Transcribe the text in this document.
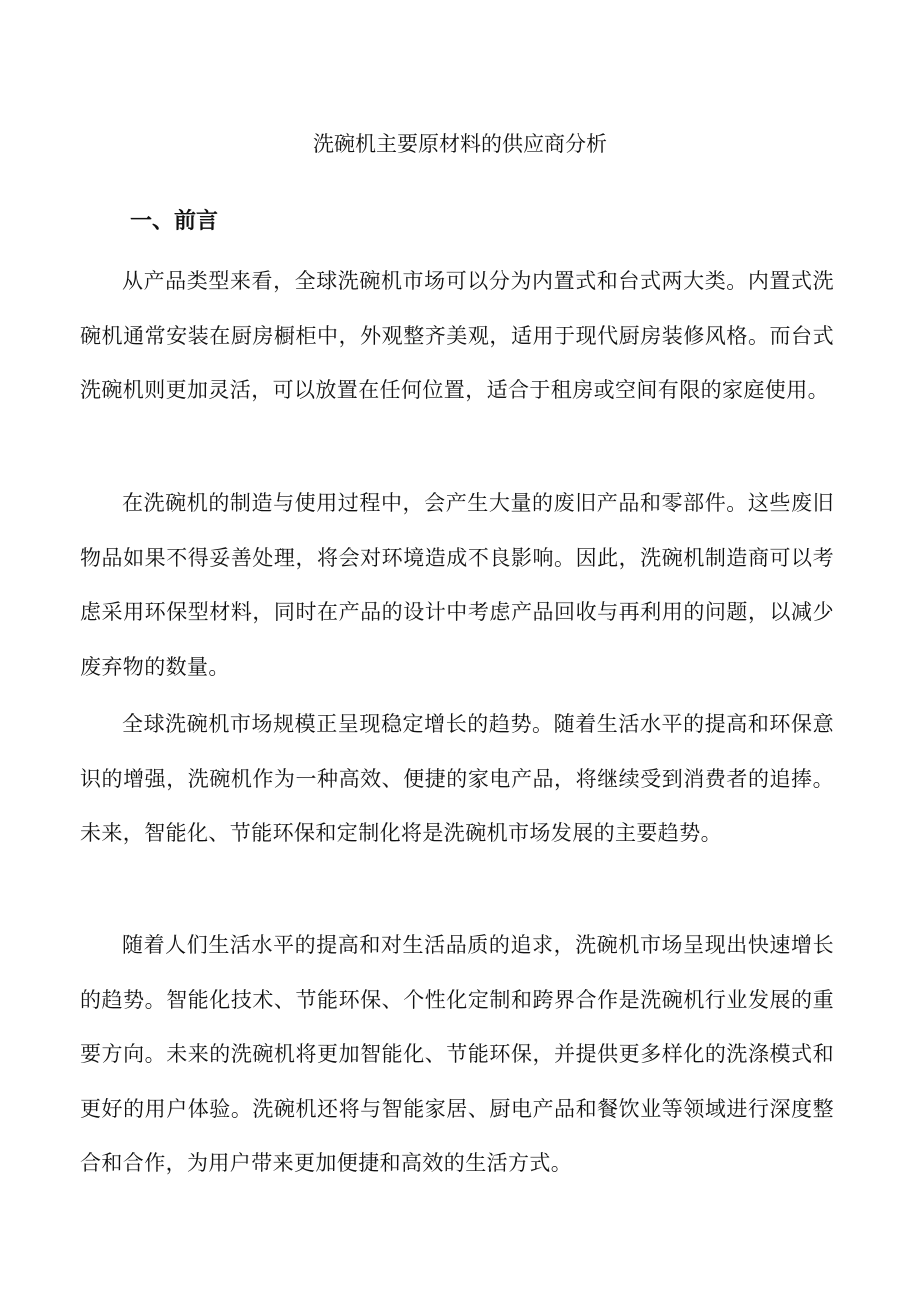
洗碗机主要原材料的供应商分析
一、前言

从产品类型来看，全球洗碗机市场可以分为内置式和台式两大类。内置式洗碗机通常安装在厨房橱柜中，外观整齐美观，适用于现代厨房装修风格。而台式洗碗机则更加灵活，可以放置在任何位置，适合于租房或空间有限的家庭使用。

在洗碗机的制造与使用过程中，会产生大量的废旧产品和零部件。这些废旧物品如果不得妥善处理，将会对环境造成不良影响。因此，洗碗机制造商可以考虑采用环保型材料，同时在产品的设计中考虑产品回收与再利用的问题，以减少废弃物的数量。

全球洗碗机市场规模正呈现稳定增长的趋势。随着生活水平的提高和环保意识的增强，洗碗机作为一种高效、便捷的家电产品，将继续受到消费者的追捧。未来，智能化、节能环保和定制化将是洗碗机市场发展的主要趋势。

随着人们生活水平的提高和对生活品质的追求，洗碗机市场呈现出快速增长的趋势。智能化技术、节能环保、个性化定制和跨界合作是洗碗机行业发展的重要方向。未来的洗碗机将更加智能化、节能环保，并提供更多样化的洗涤模式和更好的用户体验。洗碗机还将与智能家居、厨电产品和餐饮业等领域进行深度整合和合作，为用户带来更加便捷和高效的生活方式。
